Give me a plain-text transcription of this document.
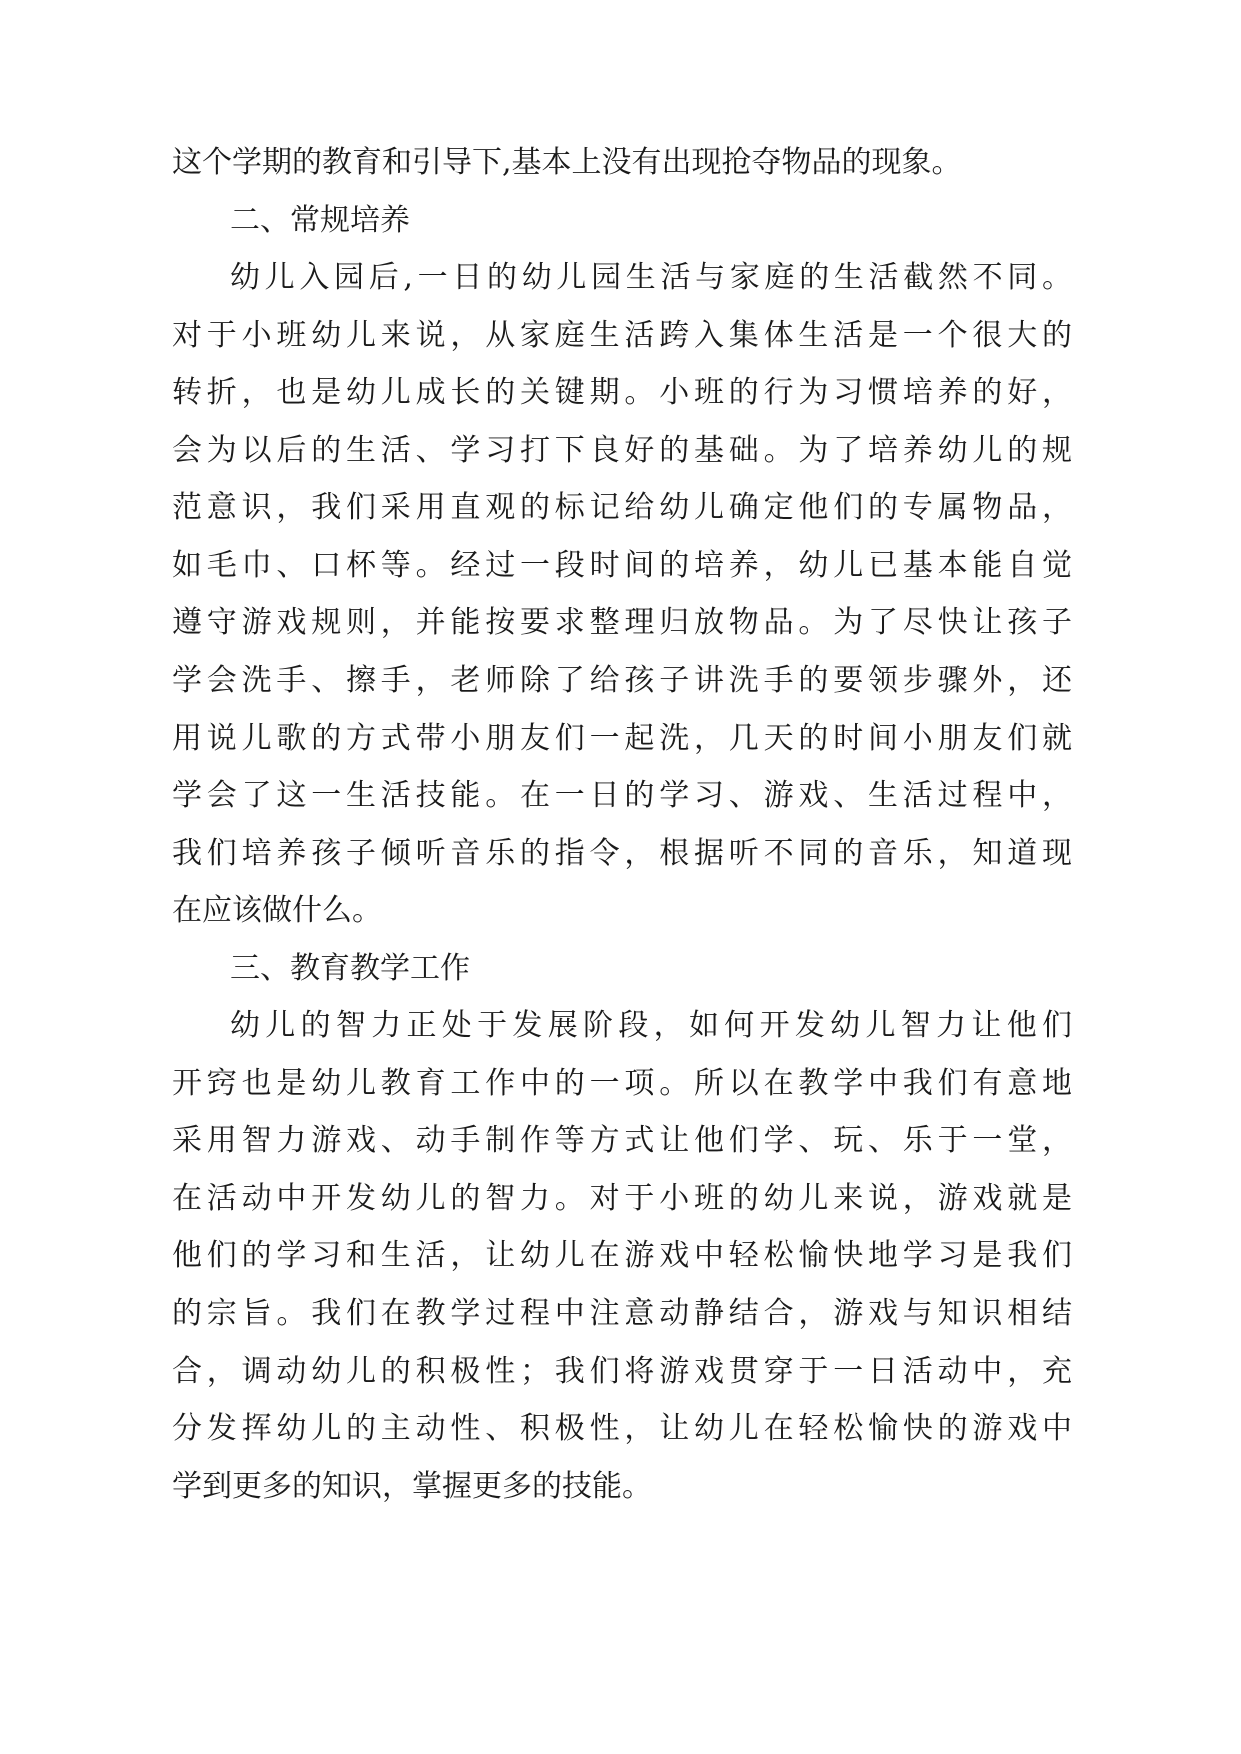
这个学期的教育和引导下,基本上没有出现抢夺物品的现象。

二、常规培养

幼儿入园后,一日的幼儿园生活与家庭的生活截然不同。

对于小班幼儿来说，从家庭生活跨入集体生活是一个很大的

转折，也是幼儿成长的关键期。小班的行为习惯培养的好，

会为以后的生活、学习打下良好的基础。为了培养幼儿的规

范意识，我们采用直观的标记给幼儿确定他们的专属物品，

如毛巾、口杯等。经过一段时间的培养，幼儿已基本能自觉

遵守游戏规则，并能按要求整理归放物品。为了尽快让孩子

学会洗手、擦手，老师除了给孩子讲洗手的要领步骤外，还

用说儿歌的方式带小朋友们一起洗，几天的时间小朋友们就

学会了这一生活技能。在一日的学习、游戏、生活过程中，

我们培养孩子倾听音乐的指令，根据听不同的音乐，知道现

在应该做什么。

三、教育教学工作

幼儿的智力正处于发展阶段，如何开发幼儿智力让他们

开窍也是幼儿教育工作中的一项。所以在教学中我们有意地

采用智力游戏、动手制作等方式让他们学、玩、乐于一堂，

在活动中开发幼儿的智力。对于小班的幼儿来说，游戏就是

他们的学习和生活，让幼儿在游戏中轻松愉快地学习是我们

的宗旨。我们在教学过程中注意动静结合，游戏与知识相结

合，调动幼儿的积极性；我们将游戏贯穿于一日活动中，充

分发挥幼儿的主动性、积极性，让幼儿在轻松愉快的游戏中

学到更多的知识，掌握更多的技能。
